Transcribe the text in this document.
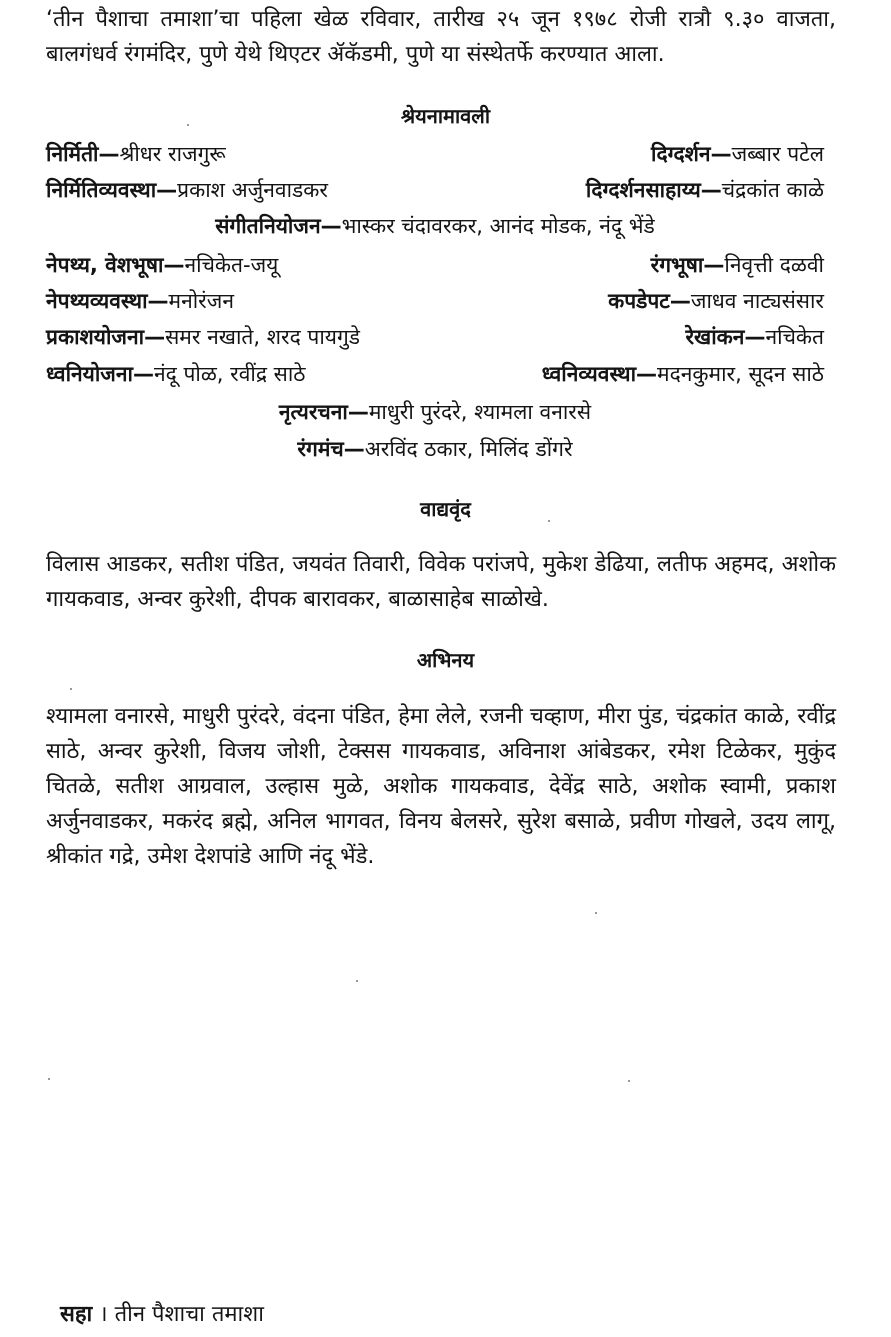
‘तीन पैशाचा तमाशा’चा पहिला खेळ रविवार, तारीख २५ जून १९७८ रोजी रात्रौ ९.३० वाजता, बालगंधर्व रंगमंदिर, पुणे येथे थिएटर ॲकॅडमी, पुणे या संस्थेतर्फे करण्यात आला.

श्रेयनामावली
निर्मिती—श्रीधर राजगुरू	दिग्दर्शन—जब्बार पटेल
निर्मितिव्यवस्था—प्रकाश अर्जुनवाडकर	दिग्दर्शनसाहाय्य—चंद्रकांत काळे
संगीतनियोजन—भास्कर चंदावरकर, आनंद मोडक, नंदू भेंडे
नेपथ्य, वेशभूषा—नचिकेत-जयू	रंगभूषा—निवृत्ती दळवी
नेपथ्यव्यवस्था—मनोरंजन	कपडेपट—जाधव नाट्यसंसार
प्रकाशयोजना—समर नखाते, शरद पायगुडे	रेखांकन—नचिकेत
ध्वनियोजना—नंदू पोळ, रवींद्र साठे	ध्वनिव्यवस्था—मदनकुमार, सूदन साठे
नृत्यरचना—माधुरी पुरंदरे, श्यामला वनारसे
रंगमंच—अरविंद ठकार, मिलिंद डोंगरे
वाद्यवृंद

विलास आडकर, सतीश पंडित, जयवंत तिवारी, विवेक परांजपे, मुकेश डेढिया, लतीफ अहमद, अशोक गायकवाड, अन्वर कुरेशी, दीपक बारावकर, बाळासाहेब साळोखे.

अभिनय

श्यामला वनारसे, माधुरी पुरंदरे, वंदना पंडित, हेमा लेले, रजनी चव्हाण, मीरा पुंड, चंद्रकांत काळे, रवींद्र साठे, अन्वर कुरेशी, विजय जोशी, टेक्सस गायकवाड, अविनाश आंबेडकर, रमेश टिळेकर, मुकुंद चितळे, सतीश आग्रवाल, उल्हास मुळे, अशोक गायकवाड, देवेंद्र साठे, अशोक स्वामी, प्रकाश अर्जुनवाडकर, मकरंद ब्रह्मे, अनिल भागवत, विनय बेलसरे, सुरेश बसाळे, प्रवीण गोखले, उदय लागू, श्रीकांत गद्रे, उमेश देशपांडे आणि नंदू भेंडे.

सहा । तीन पैशाचा तमाशा
